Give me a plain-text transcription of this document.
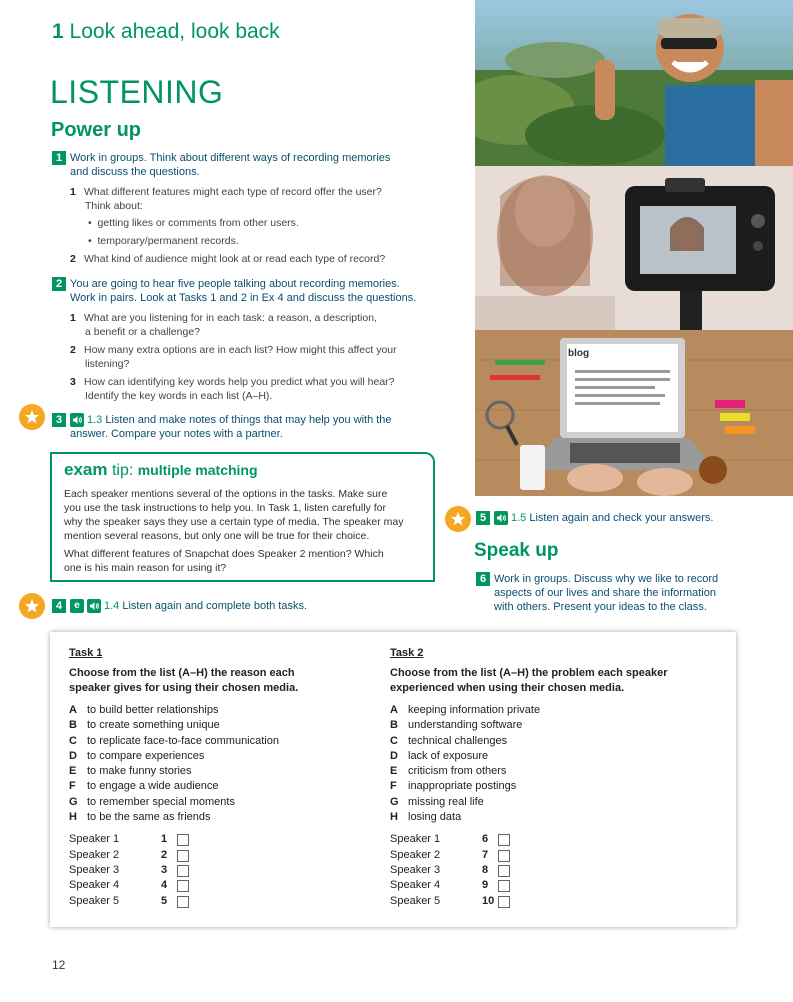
1 Look ahead, look back
LISTENING
Power up
1 Work in groups. Think about different ways of recording memories
and discuss the questions.
1 What different features might each type of record offer the user?
Think about:
•  getting likes or comments from other users.
•  temporary/permanent records.
2 What kind of audience might look at or read each type of record?
2 You are going to hear five people talking about recording memories.
Work in pairs. Look at Tasks 1 and 2 in Ex 4 and discuss the questions.
1 What are you listening for in each task: a reason, a description,
a benefit or a challenge?
2 How many extra options are in each list? How might this affect your
listening?
3 How can identifying key words help you predict what you will hear?
Identify the key words in each list (A–H).
3 1.3 Listen and make notes of things that may help you with the
answer. Compare your notes with a partner.
exam tip: multiple matching
Each speaker mentions several of the options in the tasks. Make sure
you use the task instructions to help you. In Task 1, listen carefully for
why the speaker says they use a certain type of media. The speaker may
mention several reasons, but only one will be true for their choice.
What different features of Snapchat does Speaker 2 mention? Which
one is his main reason for using it?
4 e 1.4 Listen again and complete both tasks.
blog
5 1.5 Listen again and check your answers.
Speak up
6 Work in groups. Discuss why we like to record
aspects of our lives and share the information
with others. Present your ideas to the class.
Task 1
Choose from the list (A–H) the reason each
speaker gives for using their chosen media.
A to build better relationships
B to create something unique
C to replicate face-to-face communication
D to compare experiences
E to make funny stories
F to engage a wide audience
G to remember special moments
H to be the same as friends
Speaker 1	1
Speaker 2	2
Speaker 3	3
Speaker 4	4
Speaker 5	5
Task 2
Choose from the list (A–H) the problem each speaker
experienced when using their chosen media.
A keeping information private
B understanding software
C technical challenges
D lack of exposure
E criticism from others
F inappropriate postings
G missing real life
H losing data
Speaker 1	6
Speaker 2	7
Speaker 3	8
Speaker 4	9
Speaker 5	10
12
